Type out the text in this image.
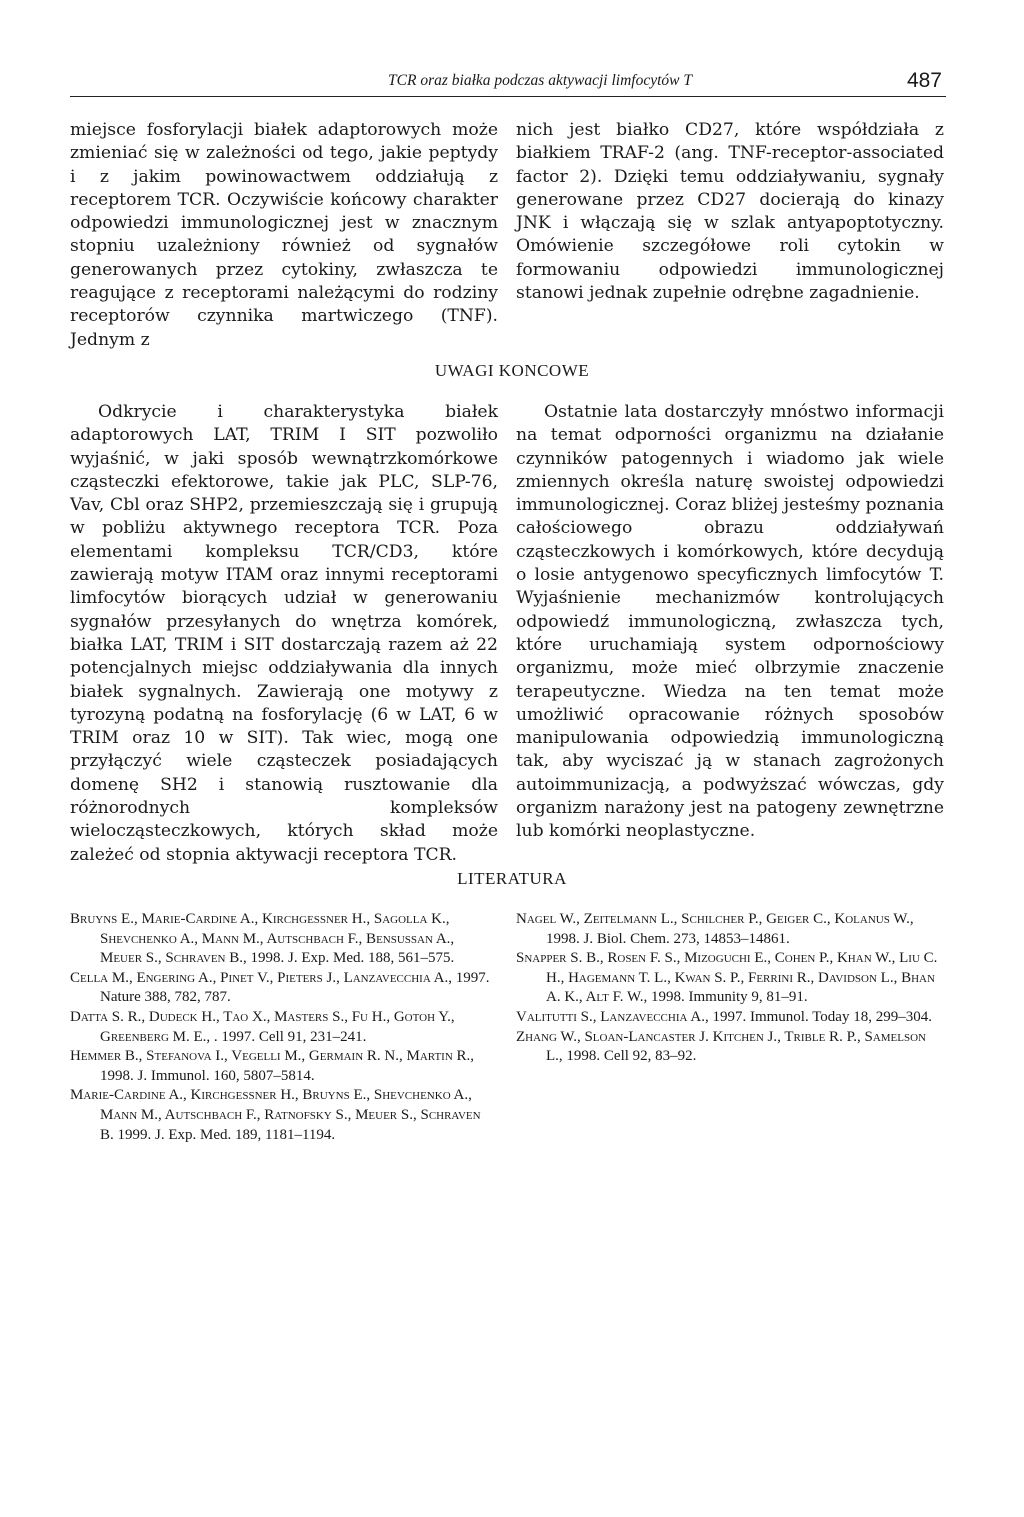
TCR oraz białka podczas aktywacji limfocytów T	487

miejsce fosforylacji białek adaptorowych może zmieniać się w zależności od tego, jakie peptydy i z jakim powinowactwem oddziałują z receptorem TCR. Oczywiście końcowy charakter odpowiedzi immunologicznej jest w znacznym stopniu uzależniony również od sygnałów generowanych przez cytokiny, zwłaszcza te reagujące z receptorami należącymi do rodziny receptorów czynnika martwiczego (TNF). Jednym z

nich jest białko CD27, które współdziała z białkiem TRAF-2 (ang. TNF-receptor-associated factor 2). Dzięki temu oddziaływaniu, sygnały generowane przez CD27 docierają do kinazy JNK i włączają się w szlak antyapoptotyczny. Omówienie szczegółowe roli cytokin w formowaniu odpowiedzi immunologicznej stanowi jednak zupełnie odrębne zagadnienie.

UWAGI KONCOWE

Odkrycie i charakterystyka białek adaptorowych LAT, TRIM I SIT pozwoliło wyjaśnić, w jaki sposób wewnątrzkomórkowe cząsteczki efektorowe, takie jak PLC, SLP-76, Vav, Cbl oraz SHP2, przemieszczają się i grupują w pobliżu aktywnego receptora TCR. Poza elementami kompleksu TCR/CD3, które zawierają motyw ITAM oraz innymi receptorami limfocytów biorących udział w generowaniu sygnałów przesyłanych do wnętrza komórek, białka LAT, TRIM i SIT dostarczają razem aż 22 potencjalnych miejsc oddziaływania dla innych białek sygnalnych. Zawierają one motywy z tyrozyną podatną na fosforylację (6 w LAT, 6 w TRIM oraz 10 w SIT). Tak wiec, mogą one przyłączyć wiele cząsteczek posiadających domenę SH2 i stanowią rusztowanie dla różnorodnych kompleksów wielocząsteczkowych, których skład może zależeć od stopnia aktywacji receptora TCR.

Ostatnie lata dostarczyły mnóstwo informacji na temat odporności organizmu na działanie czynników patogennych i wiadomo jak wiele zmiennych określa naturę swoistej odpowiedzi immunologicznej. Coraz bliżej jesteśmy poznania całościowego obrazu oddziaływań cząsteczkowych i komórkowych, które decydują o losie antygenowo specyficznych limfocytów T. Wyjaśnienie mechanizmów kontrolujących odpowiedź immunologiczną, zwłaszcza tych, które uruchamiają system odpornościowy organizmu, może mieć olbrzymie znaczenie terapeutyczne. Wiedza na ten temat może umożliwić opracowanie różnych sposobów manipulowania odpowiedzią immunologiczną tak, aby wyciszać ją w stanach zagrożonych autoimmunizacją, a podwyższać wówczas, gdy organizm narażony jest na patogeny zewnętrzne lub komórki neoplastyczne.

LITERATURA

Bruyns E., Marie-Cardine A., Kirchgessner H., Sagolla K., Shevchenko A., Mann M., Autschbach F., Bensussan A., Meuer S., Schraven B., 1998. J. Exp. Med. 188, 561–575.

Cella M., Engering A., Pinet V., Pieters J., Lanzavecchia A., 1997. Nature 388, 782, 787.

Datta S. R., Dudeck H., Tao X., Masters S., Fu H., Gotoh Y., Greenberg M. E., . 1997. Cell 91, 231–241.

Hemmer B., Stefanova I., Vegelli M., Germain R. N., Martin R., 1998. J. Immunol. 160, 5807–5814.

Marie-Cardine A., Kirchgessner H., Bruyns E., Shevchenko A., Mann M., Autschbach F., Ratnofsky S., Meuer S., Schraven B. 1999. J. Exp. Med. 189, 1181–1194.

Nagel W., Zeitelmann L., Schilcher P., Geiger C., Kolanus W., 1998. J. Biol. Chem. 273, 14853–14861.

Snapper S. B., Rosen F. S., Mizoguchi E., Cohen P., Khan W., Liu C. H., Hagemann T. L., Kwan S. P., Ferrini R., Davidson L., Bhan A. K., Alt F. W., 1998. Immunity 9, 81–91.

Valitutti S., Lanzavecchia A., 1997. Immunol. Today 18, 299–304.

Zhang W., Sloan-Lancaster J. Kitchen J., Trible R. P., Samelson L., 1998. Cell 92, 83–92.
